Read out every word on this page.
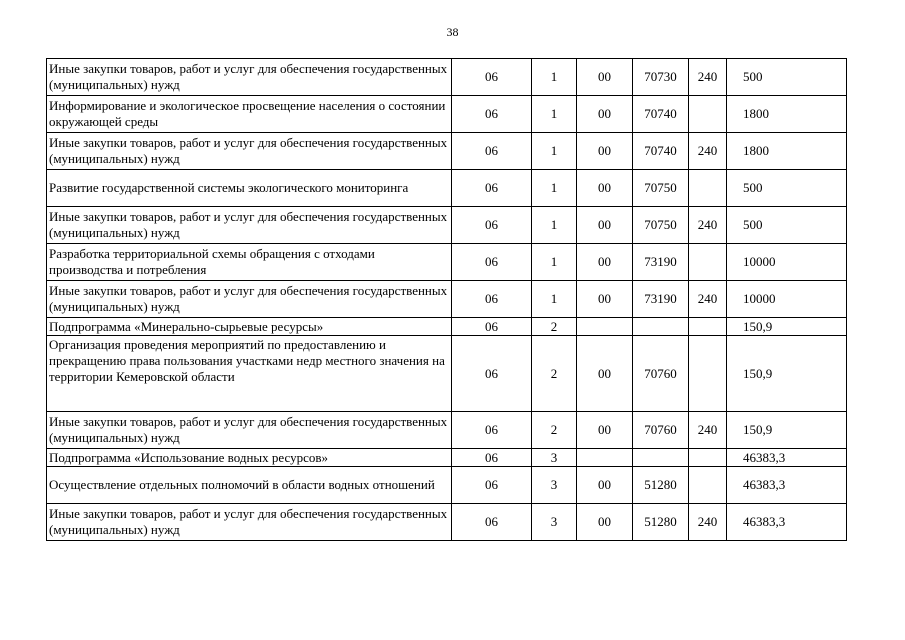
38
Иные закупки товаров, работ и услуг для обеспечения государственных (муниципальных) нужд	06	1	00	70730	240	500
Информирование и экологическое просвещение населения о состоянии окружающей среды	06	1	00	70740		1800
Иные закупки товаров, работ и услуг для обеспечения государственных (муниципальных) нужд	06	1	00	70740	240	1800
Развитие государственной системы экологического мониторинга	06	1	00	70750		500
Иные закупки товаров, работ и услуг для обеспечения государственных (муниципальных) нужд	06	1	00	70750	240	500
Разработка территориальной схемы обращения с отходами производства и потребления	06	1	00	73190		10000
Иные закупки товаров, работ и услуг для обеспечения государственных (муниципальных) нужд	06	1	00	73190	240	10000
Подпрограмма «Минерально-сырьевые ресурсы»	06	2				150,9
Организация проведения мероприятий по предоставлению и прекращению права пользования участками недр местного значения на территории Кемеровской области	06	2	00	70760		150,9
Иные закупки товаров, работ и услуг для обеспечения государственных (муниципальных) нужд	06	2	00	70760	240	150,9
Подпрограмма «Использование водных ресурсов»	06	3				46383,3
Осуществление отдельных полномочий в области водных отношений	06	3	00	51280		46383,3
Иные закупки товаров, работ и услуг для обеспечения государственных (муниципальных) нужд	06	3	00	51280	240	46383,3
